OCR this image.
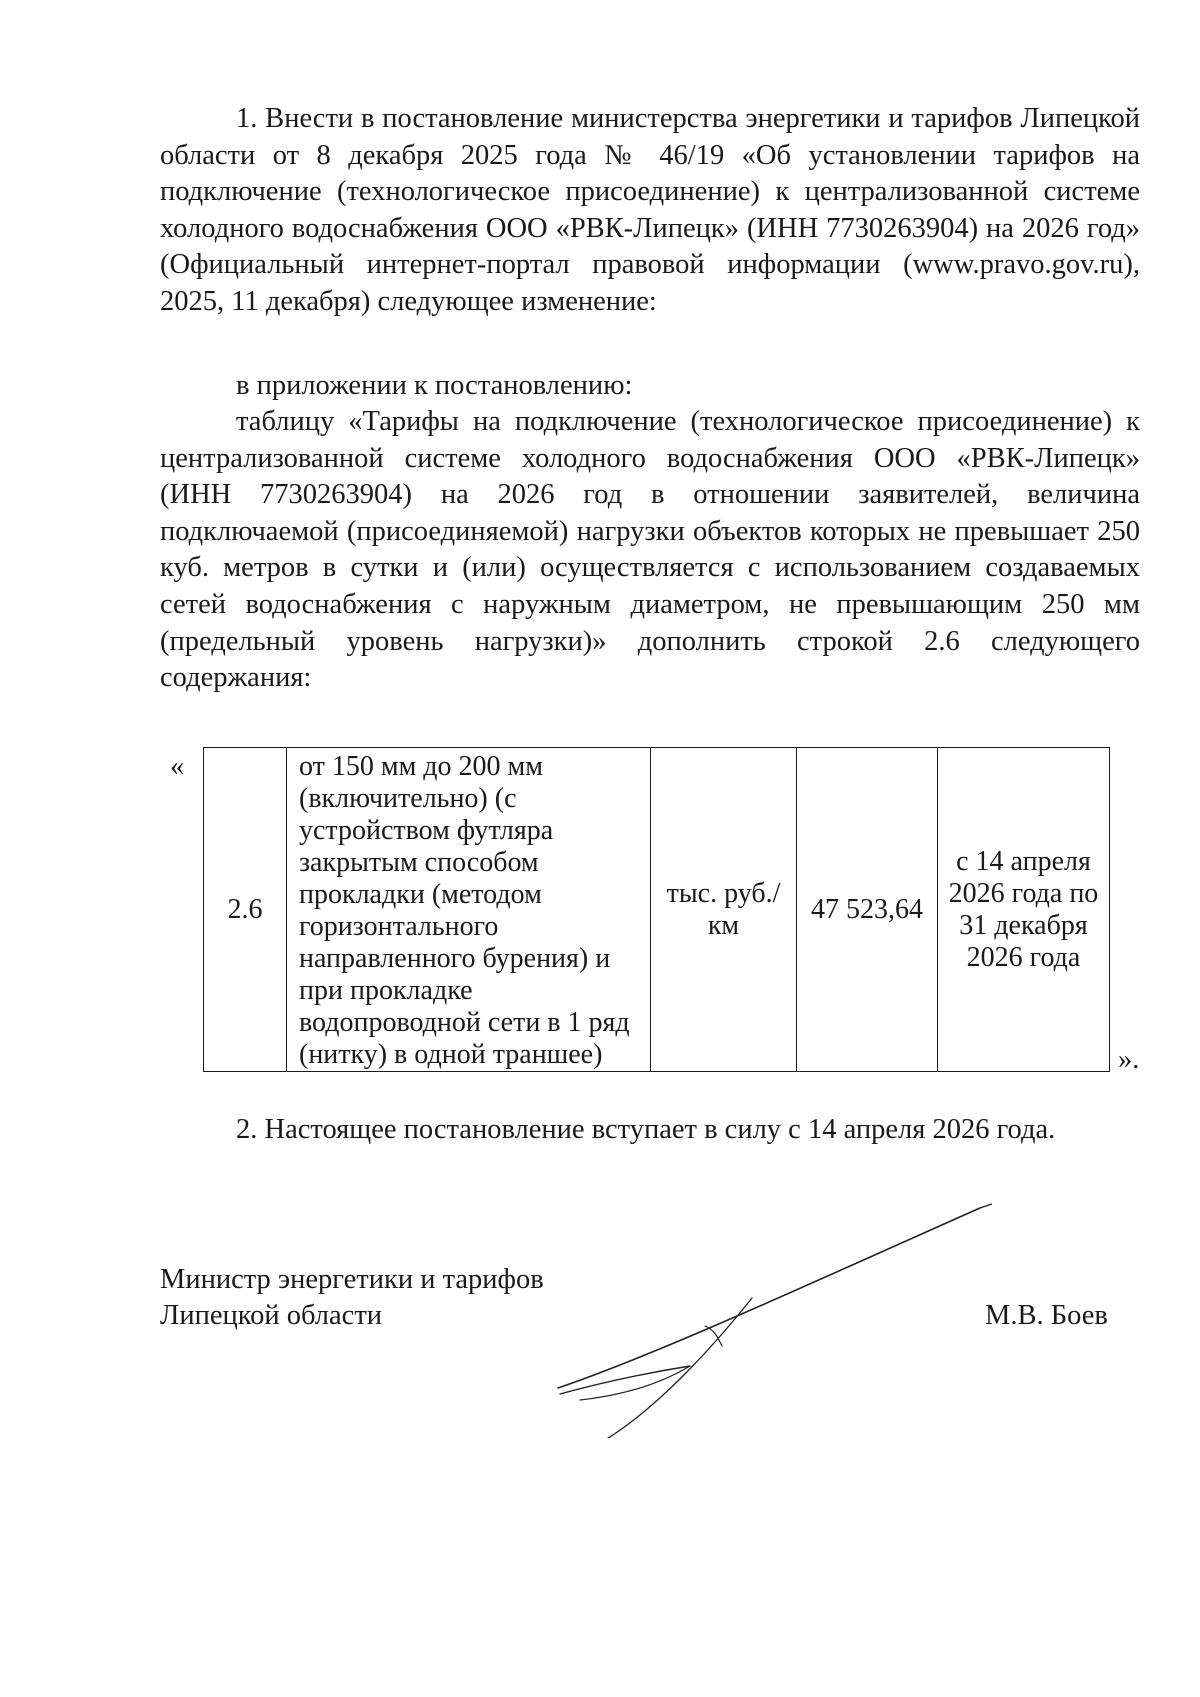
1. Внести в постановление министерства энергетики и тарифов Липецкой области от 8 декабря 2025 года № 46/19 «Об установлении тарифов на подключение (технологическое присоединение) к централизованной системе холодного водоснабжения ООО «РВК-Липецк» (ИНН 7730263904) на 2026 год» (Официальный интернет-портал правовой информации (www.pravo.gov.ru), 2025, 11 декабря) следующее изменение:

в приложении к постановлению:

таблицу «Тарифы на подключение (технологическое присоединение) к централизованной системе холодного водоснабжения ООО «РВК-Липецк» (ИНН 7730263904) на 2026 год в отношении заявителей, величина подключаемой (присоединяемой) нагрузки объектов которых не превышает 250 куб. метров в сутки и (или) осуществляется с использованием создаваемых сетей водоснабжения с наружным диаметром, не превышающим 250 мм (предельный уровень нагрузки)» дополнить строкой 2.6 следующего содержания:

«
2.6	от 150 мм до 200 мм (включительно) (с устройством футляра закрытым способом прокладки (методом горизонтального направленного бурения) и при прокладке водопроводной сети в 1 ряд (нитку) в одной траншее)	тыс. руб./км	47 523,64	с 14 апреля 2026 года по 31 декабря 2026 года
».

2. Настоящее постановление вступает в силу с 14 апреля 2026 года.

Министр энергетики и тарифов
Липецкой области	М.В. Боев
